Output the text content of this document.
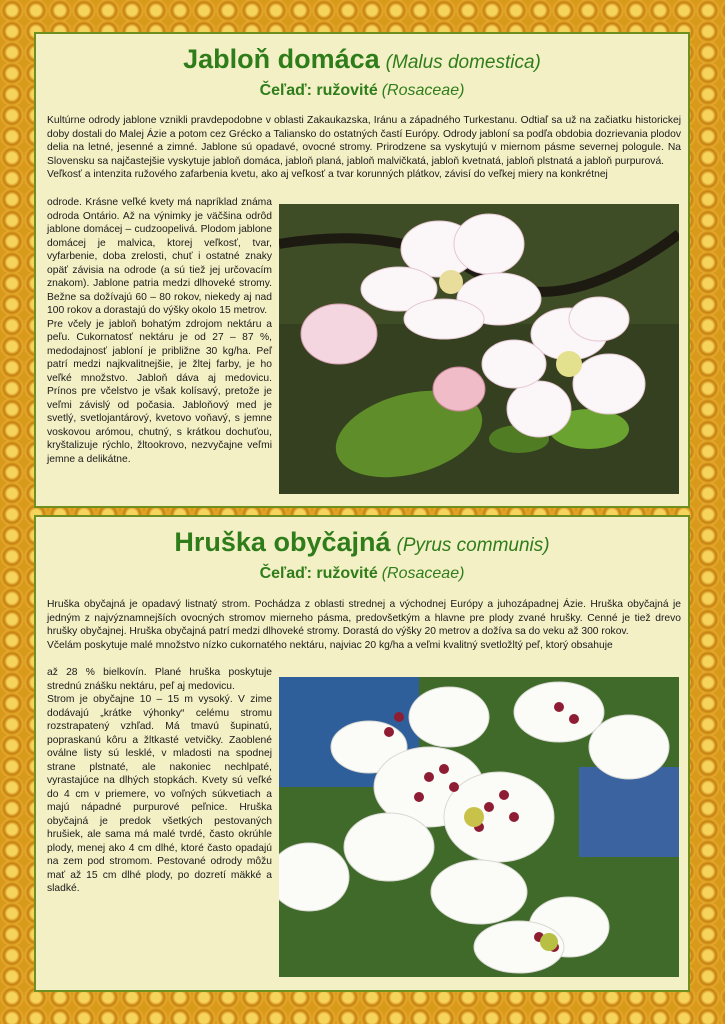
Jabloň domáca (Malus domestica)
Čeľaď: ružovité (Rosaceae)

Kultúrne odrody jablone vznikli pravdepodobne v oblasti Zakaukazska, Iránu a západného Turkestanu. Odtiaľ sa už na začiatku historickej doby dostali do Malej Ázie a potom cez Grécko a Taliansko do ostatných častí Európy. Odrody jabloní sa podľa obdobia dozrievania plodov delia na letné, jesenné a zimné. Jablone sú opadavé, ovocné stromy. Prirodzene sa vyskytujú v miernom pásme severnej pologule. Na Slovensku sa najčastejšie vyskytuje jabloň domáca, jabloň planá, jabloň malvičkatá, jabloň kvetnatá, jabloň plstnatá a jabloň purpurová.

Veľkosť a intenzita ružového zafarbenia kvetu, ako aj veľkosť a tvar korunných plátkov, závisí do veľkej miery na konkrétnej

odrode. Krásne veľké kvety má napríklad známa odroda Ontário. Až na výnimky je väčšina odrôd jablone domácej – cudzoopelivá. Plodom jablone domácej je malvica, ktorej veľkosť, tvar, vyfarbenie, doba zrelosti, chuť i ostatné znaky opäť závisia na odrode (a sú tiež jej určovacím znakom). Jablone patria medzi dlhoveké stromy. Bežne sa dožívajú 60 – 80 rokov, niekedy aj nad 100 rokov a dorastajú do výšky okolo 15 metrov.

Pre včely je jabloň bohatým zdrojom nektáru a peľu. Cukornatosť nektáru je od 27 – 87 %, medodajnosť jabloní je približne 30 kg/ha. Peľ patrí medzi najkvalitnejšie, je žltej farby, je ho veľké množstvo. Jabloň dáva aj medovicu. Prínos pre včelstvo je však kolísavý, pretože je veľmi závislý od počasia. Jabloňový med je svetlý, svetlojantárový, kvetovo voňavý, s jemne voskovou arómou, chutný, s krátkou dochuťou, kryštalizuje rýchlo, žltookrovo, nezvyčajne veľmi jemne a delikátne.

Hruška obyčajná (Pyrus communis)
Čeľaď: ružovité (Rosaceae)

Hruška obyčajná je opadavý listnatý strom. Pochádza z oblasti strednej a východnej Európy a juhozápadnej Ázie. Hruška obyčajná je jedným z najvýznamnejších ovocných stromov mierneho pásma, predovšetkým a hlavne pre plody zvané hrušky. Cenné je tiež drevo hrušky obyčajnej. Hruška obyčajná patrí medzi dlhoveké stromy. Dorastá do výšky 20 metrov a dožíva sa do veku až 300 rokov.

Včelám poskytuje malé množstvo nízko cukornatého nektáru, najviac 20 kg/ha a veľmi kvalitný svetložltý peľ, ktorý obsahuje

až 28 % bielkovín. Plané hruška poskytuje strednú znášku nektáru, peľ aj medovicu.

Strom je obyčajne 10 – 15 m vysoký. V zime dodávajú „krátke výhonky“ celému stromu rozstrapatený vzhľad. Má tmavú šupinatú, popraskanú kôru a žltkasté vetvičky. Zaoblené oválne listy sú lesklé, v mladosti na spodnej strane plstnaté, ale nakoniec nechlpaté, vyrastajúce na dlhých stopkách. Kvety sú veľké do 4 cm v priemere, vo voľných súkvetiach a majú nápadné purpurové peľnice. Hruška obyčajná je predok všetkých pestovaných hrušiek, ale sama má malé tvrdé, často okrúhle plody, menej ako 4 cm dlhé, ktoré často opadajú na zem pod stromom. Pestované odrody môžu mať až 15 cm dlhé plody, po dozretí mäkké a sladké.
